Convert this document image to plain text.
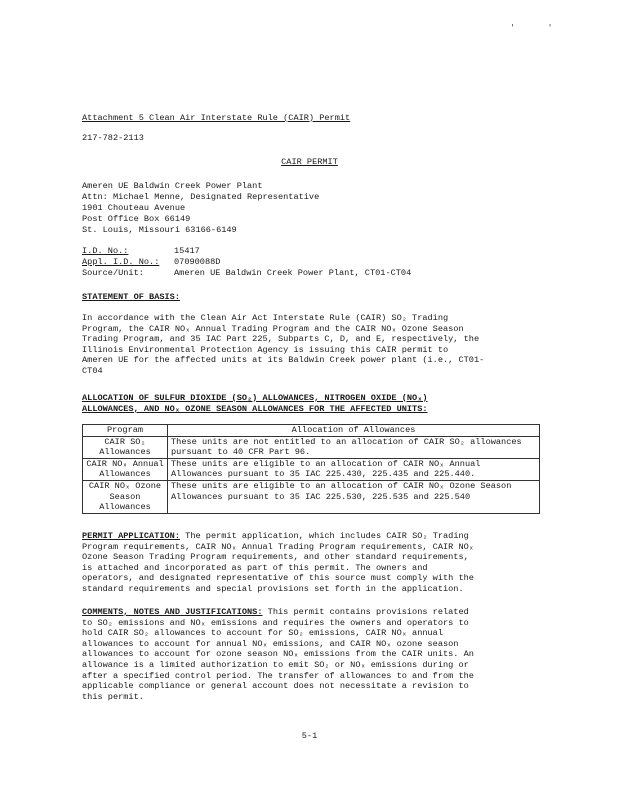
' '
Attachment 5 Clean Air Interstate Rule (CAIR) Permit
217-782-2113
CAIR PERMIT
Ameren UE Baldwin Creek Power Plant
Attn: Michael Menne, Designated Representative
1901 Chouteau Avenue
Post Office Box 66149
St. Louis, Missouri 63166-6149
I.D. No.:	15417
Appl. I.D. No.: 07090088D
Source/Unit:	Ameren UE Baldwin Creek Power Plant, CT01-CT04
STATEMENT OF BASIS:
In accordance with the Clean Air Act Interstate Rule (CAIR) SO₂ Trading
Program, the CAIR NOₓ Annual Trading Program and the CAIR NOₓ Ozone Season
Trading Program, and 35 IAC Part 225, Subparts C, D, and E, respectively, the
Illinois Environmental Protection Agency is issuing this CAIR permit to
Ameren UE for the affected units at its Baldwin Creek power plant (i.e., CT01-
CT04
ALLOCATION OF SULFUR DIOXIDE (SO₂) ALLOWANCES, NITROGEN OXIDE (NOₓ)
ALLOWANCES, AND NOₓ OZONE SEASON ALLOWANCES FOR THE AFFECTED UNITS:
Program	Allocation of Allowances
CAIR SO₂ Allowances	These units are not entitled to an allocation of CAIR SO₂ allowances pursuant to 40 CFR Part 96.
CAIR NOₓ Annual Allowances	These units are eligible to an allocation of CAIR NOₓ Annual Allowances pursuant to 35 IAC 225.430, 225.435 and 225.440.
CAIR NOₓ Ozone Season Allowances	These units are eligible to an allocation of CAIR NOₓ Ozone Season Allowances pursuant to 35 IAC 225.530, 225.535 and 225.540
PERMIT APPLICATION: The permit application, which includes CAIR SO₂ Trading
Program requirements, CAIR NOₓ Annual Trading Program requirements, CAIR NOₓ
Ozone Season Trading Program requirements, and other standard requirements,
is attached and incorporated as part of this permit. The owners and
operators, and designated representative of this source must comply with the
standard requirements and special provisions set forth in the application.
COMMENTS, NOTES AND JUSTIFICATIONS: This permit contains provisions related
to SO₂ emissions and NOₓ emissions and requires the owners and operators to
hold CAIR SO₂ allowances to account for SO₂ emissions, CAIR NOₓ annual
allowances to account for annual NOₓ emissions, and CAIR NOₓ ozone season
allowances to account for ozone season NOₓ emissions from the CAIR units. An
allowance is a limited authorization to emit SO₂ or NOₓ emissions during or
after a specified control period. The transfer of allowances to and from the
applicable compliance or general account does not necessitate a revision to
this permit.
5-1
